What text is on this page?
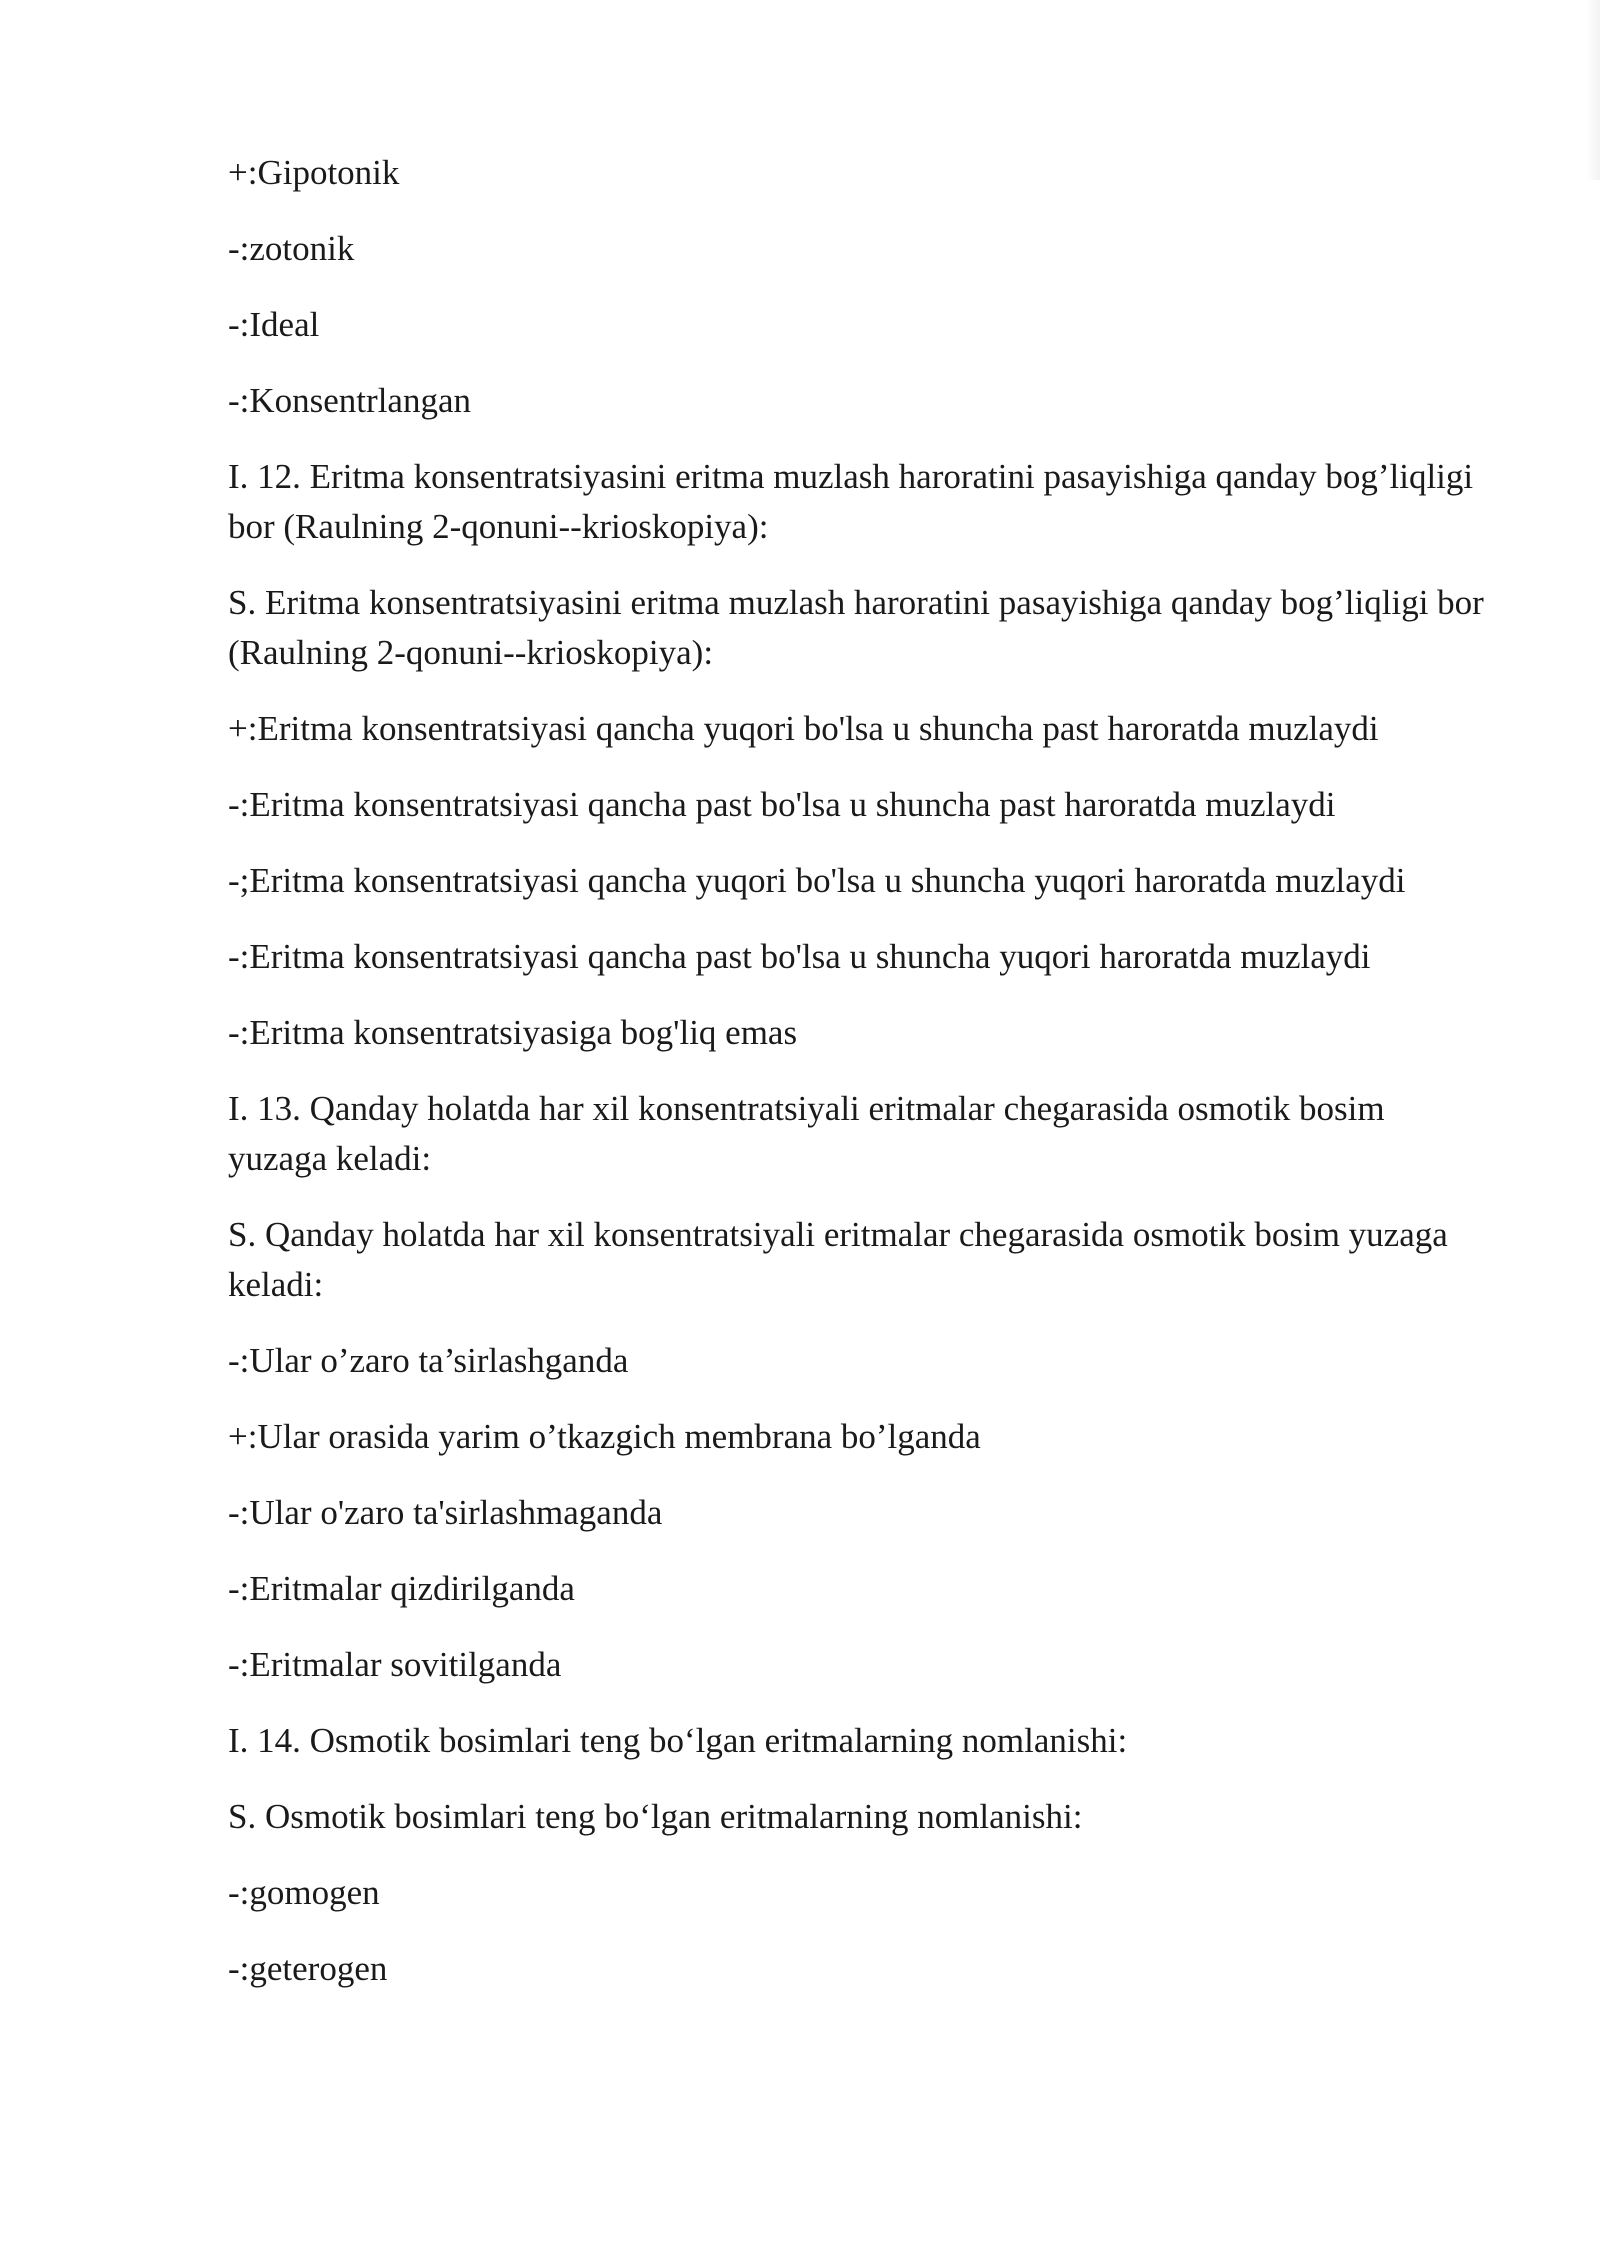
+:Gipotonik

-:zotonik

-:Ideal

-:Konsentrlangan

I. 12. Eritma konsentratsiyasini eritma muzlash haroratini pasayishiga qanday bog’liqligi bor (Raulning 2-qonuni--krioskopiya):

S. Eritma konsentratsiyasini eritma muzlash haroratini pasayishiga qanday bog’liqligi bor (Raulning 2-qonuni--krioskopiya):

+:Eritma konsentratsiyasi qancha yuqori bo'lsa u shuncha past haroratda muzlaydi

-:Eritma konsentratsiyasi qancha past bo'lsa u shuncha past haroratda muzlaydi

-;Eritma konsentratsiyasi qancha yuqori bo'lsa u shuncha yuqori haroratda muzlaydi

-:Eritma konsentratsiyasi qancha past bo'lsa u shuncha yuqori haroratda muzlaydi

-:Eritma konsentratsiyasiga bog'liq emas

I. 13. Qanday holatda har xil konsentratsiyali eritmalar chegarasida osmotik bosim yuzaga keladi:

S. Qanday holatda har xil konsentratsiyali eritmalar chegarasida osmotik bosim yuzaga keladi:

-:Ular o’zaro ta’sirlashganda

+:Ular orasida yarim o’tkazgich membrana bo’lganda

-:Ular o'zaro ta'sirlashmaganda

-:Eritmalar qizdirilganda

-:Eritmalar sovitilganda

I. 14. Osmotik bosimlari teng bo‘lgan eritmalarning nomlanishi:

S. Osmotik bosimlari teng bo‘lgan eritmalarning nomlanishi:

-:gomogen

-:geterogen
